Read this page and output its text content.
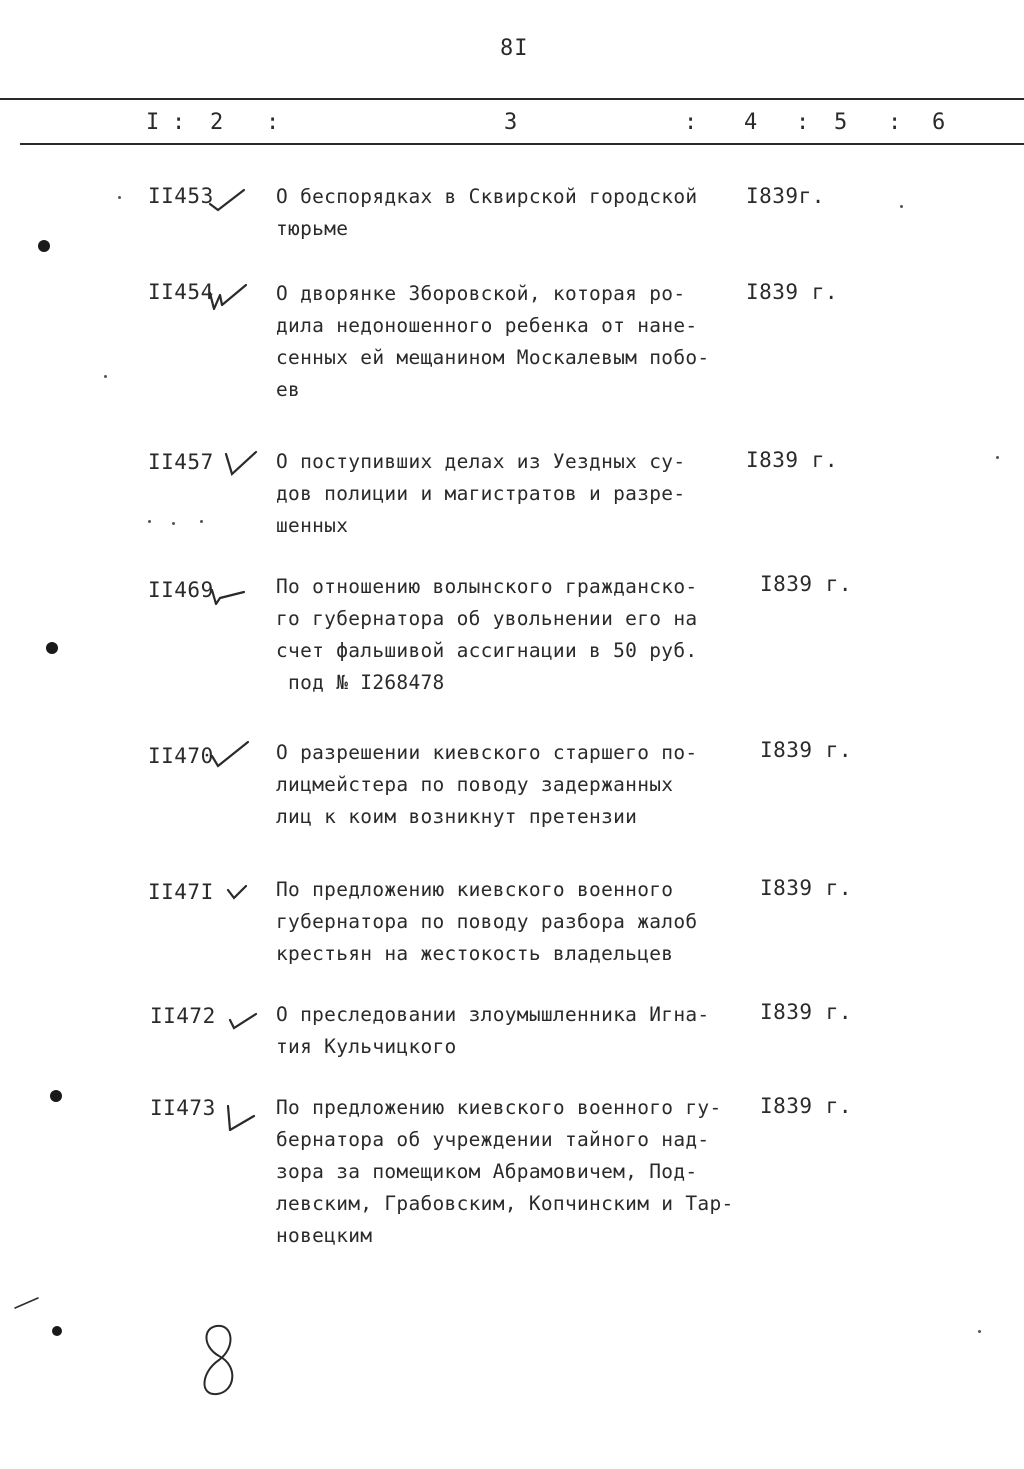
8I
I : 2 :	3	: 4 : 5 : 6
II453	О беспорядках в Сквирской городской
тюрьме
I839г.
II454	О дворянке Зборовской, которая ро-
дила недоношенного ребенка от нане-
сенных ей мещанином Москалевым побо-
ев
I839 г.
II457	О поступивших делах из Уездных су-
дов полиции и магистратов и разре-
шенных
I839 г.
II469	По отношению волынского гражданско-
го губернатора об увольнении его на
счет фальшивой ассигнации в 50 руб.
под № I268478
I839 г.
II470	О разрешении киевского старшего по-
лицмейстера по поводу задержанных
лиц к коим возникнут претензии
I839 г.
II47I	По предложению киевского военного
губернатора по поводу разбора жалоб
крестьян на жестокость владельцев
I839 г.
II472	О преследовании злоумышленника Игна-
тия Кульчицкого
I839 г.
II473	По предложению киевского военного гу-
бернатора об учреждении тайного над-
зора за помещиком Абрамовичем, Под-
левским, Грабовским, Копчинским и Тар-
новецким
I839 г.
8
